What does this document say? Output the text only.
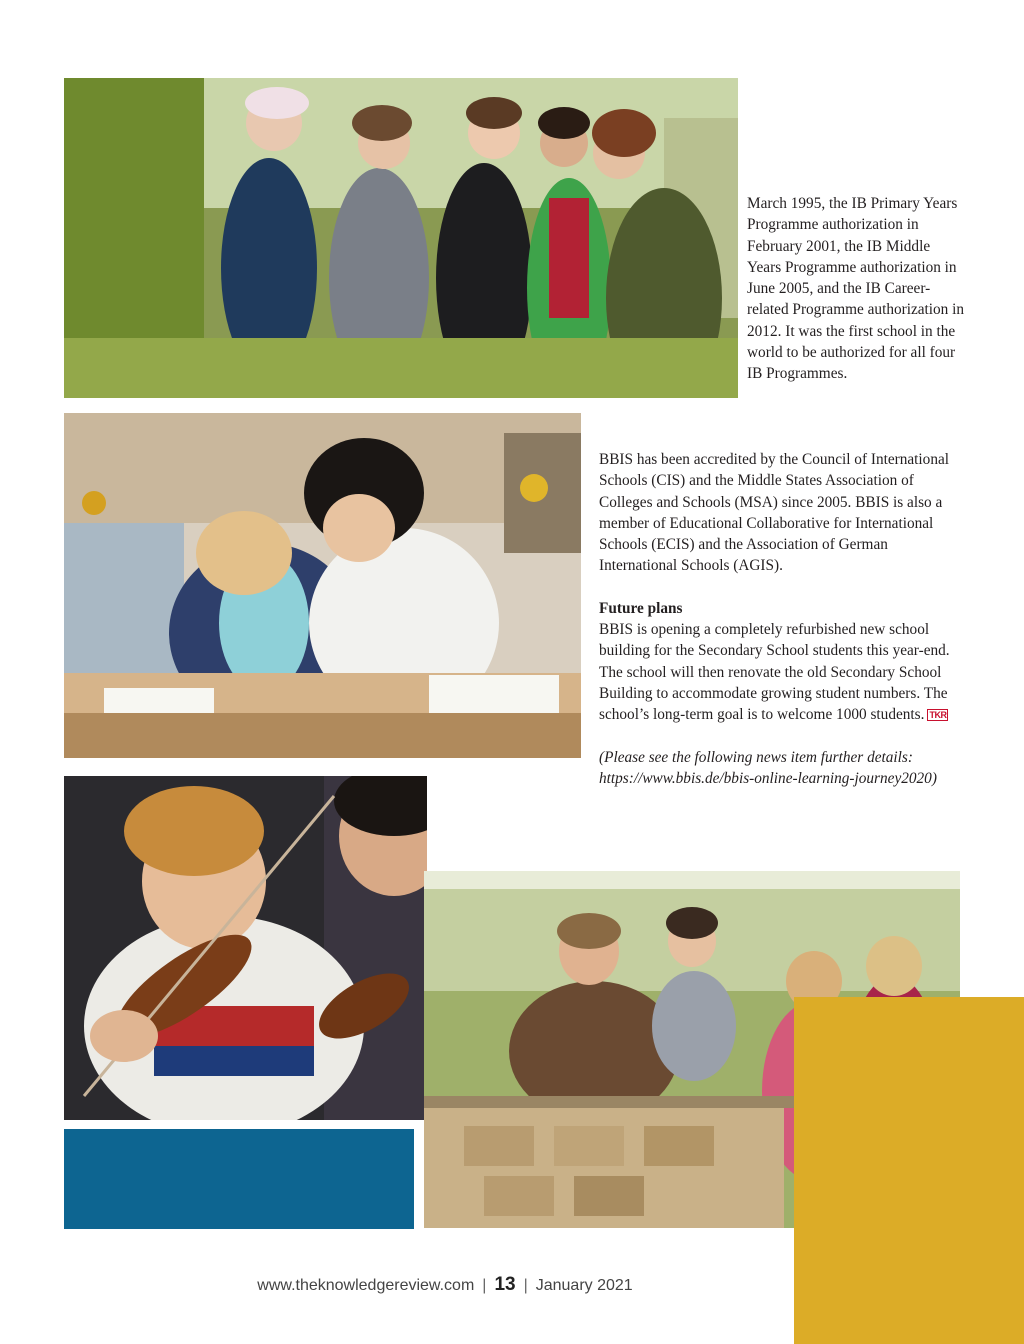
March 1995, the IB Primary Years Programme authorization in February 2001, the IB Middle Years Programme authorization in June 2005, and the IB Career-related Programme authorization in 2012. It was the first school in the world to be authorized for all four IB Programmes.

BBIS has been accredited by the Council of International Schools (CIS) and the Middle States Association of Colleges and Schools (MSA) since 2005. BBIS is also a member of Educational Collaborative for International Schools (ECIS) and the Association of German International Schools (AGIS).

Future plans
BBIS is opening a completely refurbished new school building for the Secondary School students this year-end. The school will then renovate the old Secondary School Building to accommodate growing student numbers. The school’s long-term goal is to welcome 1000 students. TKR

(Please see the following news item further details: https://www.bbis.de/bbis-online-learning-journey2020)

www.theknowledgereview.com | 13 | January 2021
